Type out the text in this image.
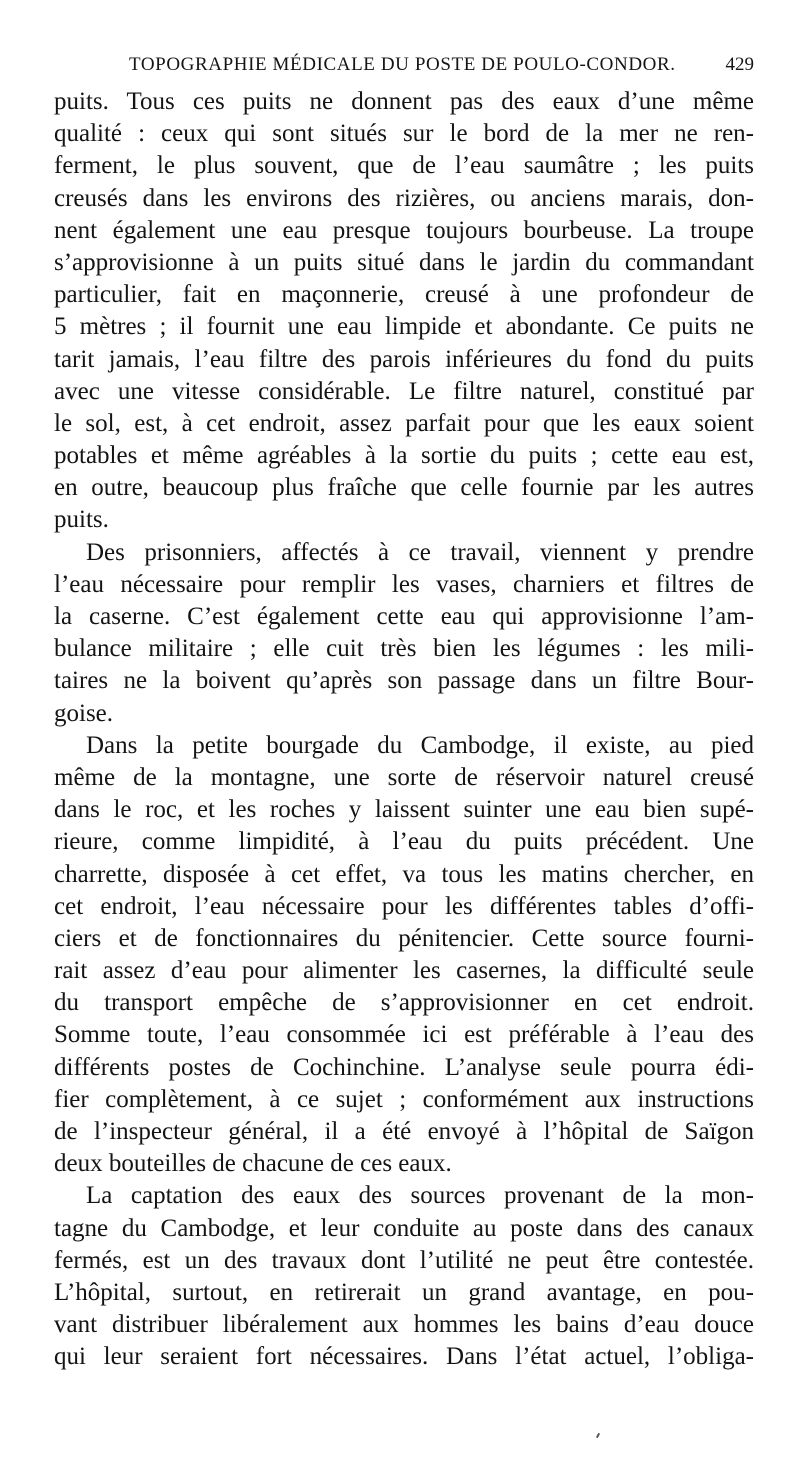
TOPOGRAPHIE MÉDICALE DU POSTE DE POULO-CONDOR.	429
puits. Tous ces puits ne donnent pas des eaux d’une même
qualité : ceux qui sont situés sur le bord de la mer ne ren-
ferment, le plus souvent, que de l’eau saumâtre ; les puits
creusés dans les environs des rizières, ou anciens marais, don-
nent également une eau presque toujours bourbeuse. La troupe
s’approvisionne à un puits situé dans le jardin du commandant
particulier, fait en maçonnerie, creusé à une profondeur de
5 mètres ; il fournit une eau limpide et abondante. Ce puits ne
tarit jamais, l’eau filtre des parois inférieures du fond du puits
avec une vitesse considérable. Le filtre naturel, constitué par
le sol, est, à cet endroit, assez parfait pour que les eaux soient
potables et même agréables à la sortie du puits ; cette eau est,
en outre, beaucoup plus fraîche que celle fournie par les autres
puits.
Des prisonniers, affectés à ce travail, viennent y prendre
l’eau nécessaire pour remplir les vases, charniers et filtres de
la caserne. C’est également cette eau qui approvisionne l’am-
bulance militaire ; elle cuit très bien les légumes : les mili-
taires ne la boivent qu’après son passage dans un filtre Bour-
goise.
Dans la petite bourgade du Cambodge, il existe, au pied
même de la montagne, une sorte de réservoir naturel creusé
dans le roc, et les roches y laissent suinter une eau bien supé-
rieure, comme limpidité, à l’eau du puits précédent. Une
charrette, disposée à cet effet, va tous les matins chercher, en
cet endroit, l’eau nécessaire pour les différentes tables d’offi-
ciers et de fonctionnaires du pénitencier. Cette source fourni-
rait assez d’eau pour alimenter les casernes, la difficulté seule
du transport empêche de s’approvisionner en cet endroit.
Somme toute, l’eau consommée ici est préférable à l’eau des
différents postes de Cochinchine. L’analyse seule pourra édi-
fier complètement, à ce sujet ; conformément aux instructions
de l’inspecteur général, il a été envoyé à l’hôpital de Saïgon
deux bouteilles de chacune de ces eaux.
La captation des eaux des sources provenant de la mon-
tagne du Cambodge, et leur conduite au poste dans des canaux
fermés, est un des travaux dont l’utilité ne peut être contestée.
L’hôpital, surtout, en retirerait un grand avantage, en pou-
vant distribuer libéralement aux hommes les bains d’eau douce
qui leur seraient fort nécessaires. Dans l’état actuel, l’obliga-
